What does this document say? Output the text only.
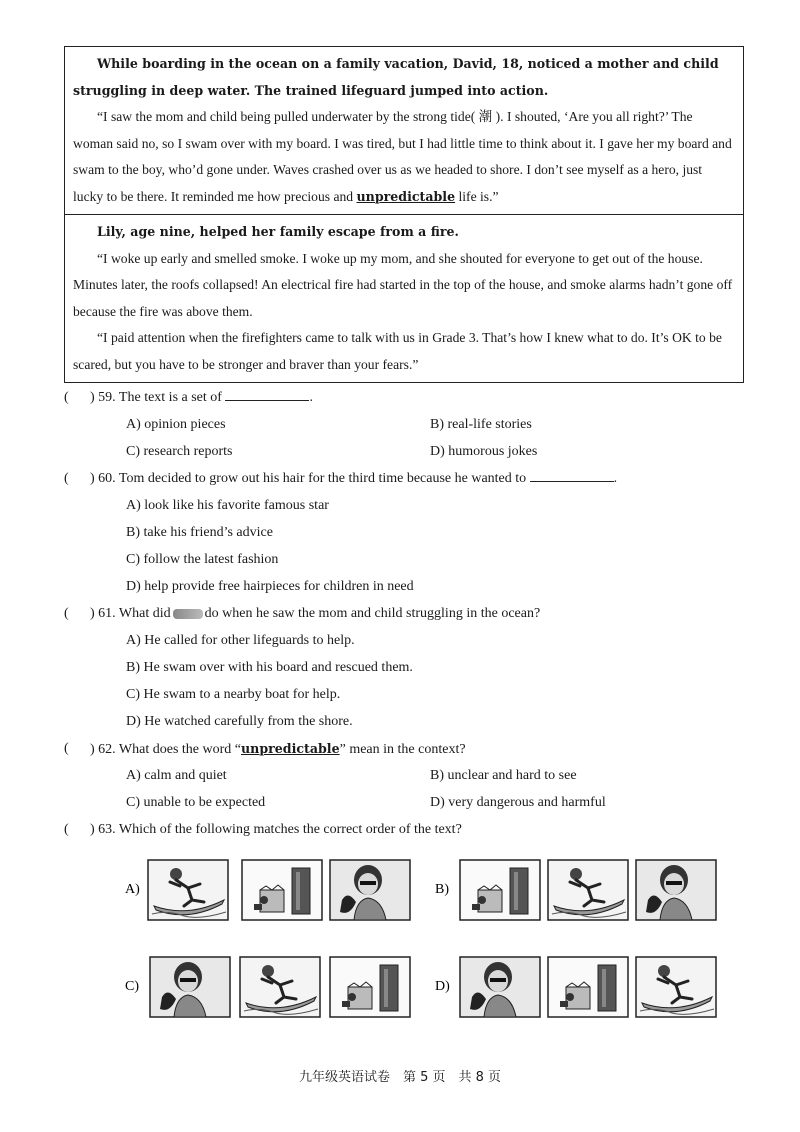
While boarding in the ocean on a family vacation, David, 18, noticed a mother and child struggling in deep water. The trained lifeguard jumped into action.

“I saw the mom and child being pulled underwater by the strong tide( 潮 ). I shouted, ‘Are you all right?’ The woman said no, so I swam over with my board. I was tired, but I had little time to think about it. I gave her my board and swam to the boy, who’d gone under. Waves crashed over us as we headed to shore. I don’t see myself as a hero, just lucky to be there. It reminded me how precious and unpredictable life is.”

Lily, age nine, helped her family escape from a fire.

“I woke up early and smelled smoke. I woke up my mom, and she shouted for everyone to get out of the house. Minutes later, the roofs collapsed! An electrical fire had started in the top of the house, and smoke alarms hadn’t gone off because the fire was above them.

“I paid attention when the firefighters came to talk with us in Grade 3. That’s how I knew what to do. It’s OK to be scared, but you have to be stronger and braver than your fears.”

( ) 59. The text is a set of	.
A) opinion pieces	B) real-life stories
C) research reports	D) humorous jokes
( ) 60. Tom decided to grow out his hair for the third time because he wanted to	.
A) look like his favorite famous star
B) take his friend’s advice
C) follow the latest fashion
D) help provide free hairpieces for children in need
( ) 61. What did do when he saw the mom and child struggling in the ocean?
A) He called for other lifeguards to help.
B) He swam over with his board and rescued them.
C) He swam to a nearby boat for help.
D) He watched carefully from the shore.
( ) 62. What does the word “unpredictable” mean in the context?
A) calm and quiet	B) unclear and hard to see
C) unable to be expected	D) very dangerous and harmful
( ) 63. Which of the following matches the correct order of the text?
A)	B)
C)	D)
九年级英语试卷　第 5 页　共 8 页
